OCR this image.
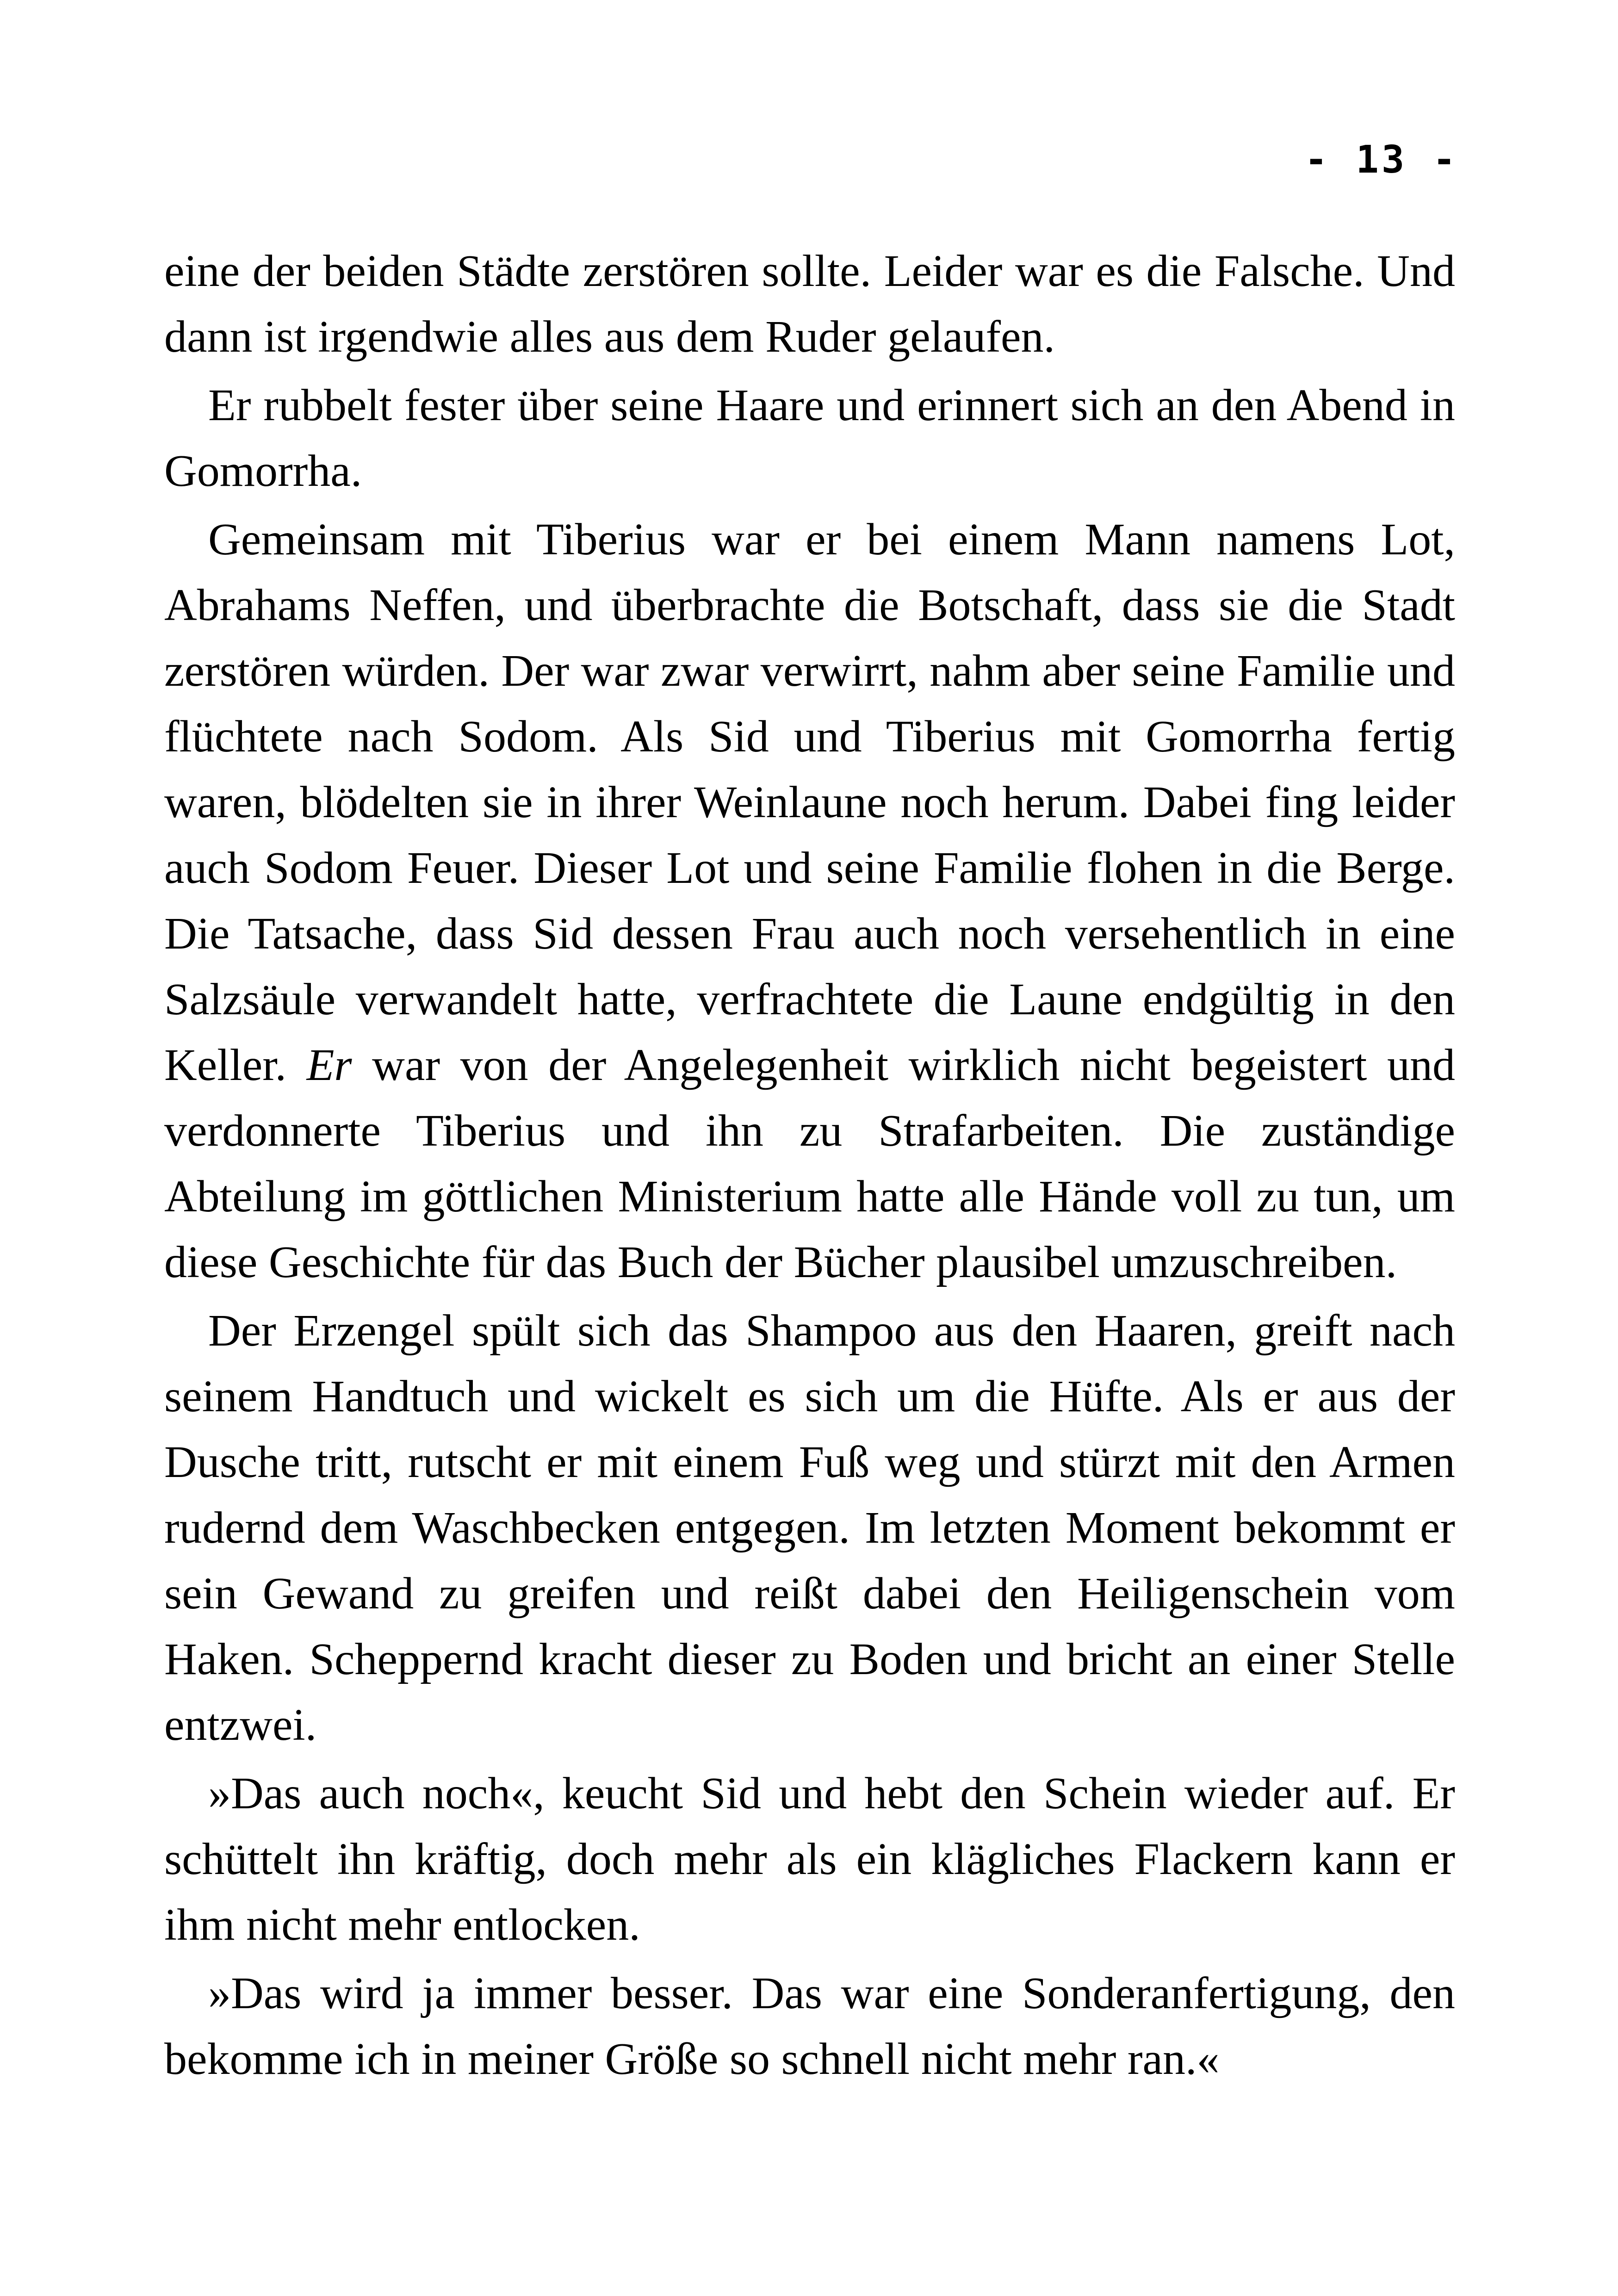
- 13 -

eine der beiden Städte zerstören sollte. Leider war es die Falsche. Und dann ist irgendwie alles aus dem Ruder gelaufen.

Er rubbelt fester über seine Haare und erinnert sich an den Abend in Gomorrha.

Gemeinsam mit Tiberius war er bei einem Mann namens Lot, Abrahams Neffen, und überbrachte die Botschaft, dass sie die Stadt zerstören würden. Der war zwar verwirrt, nahm aber seine Familie und flüchtete nach Sodom. Als Sid und Tiberius mit Gomorrha fertig waren, blödelten sie in ihrer Weinlaune noch herum. Dabei fing leider auch Sodom Feuer. Dieser Lot und seine Familie flohen in die Berge. Die Tatsache, dass Sid dessen Frau auch noch versehentlich in eine Salzsäule verwandelt hatte, verfrachtete die Laune endgültig in den Keller. Er war von der Angelegenheit wirklich nicht begeistert und verdonnerte Tiberius und ihn zu Strafarbeiten. Die zuständige Abteilung im göttlichen Ministerium hatte alle Hände voll zu tun, um diese Geschichte für das Buch der Bücher plausibel umzuschreiben.

Der Erzengel spült sich das Shampoo aus den Haaren, greift nach seinem Handtuch und wickelt es sich um die Hüfte. Als er aus der Dusche tritt, rutscht er mit einem Fuß weg und stürzt mit den Armen rudernd dem Waschbecken entgegen. Im letzten Moment bekommt er sein Gewand zu greifen und reißt dabei den Heiligenschein vom Haken. Scheppernd kracht dieser zu Boden und bricht an einer Stelle entzwei.

»Das auch noch«, keucht Sid und hebt den Schein wieder auf. Er schüttelt ihn kräftig, doch mehr als ein klägliches Flackern kann er ihm nicht mehr entlocken.

»Das wird ja immer besser. Das war eine Sonderanfertigung, den bekomme ich in meiner Größe so schnell nicht mehr ran.«
